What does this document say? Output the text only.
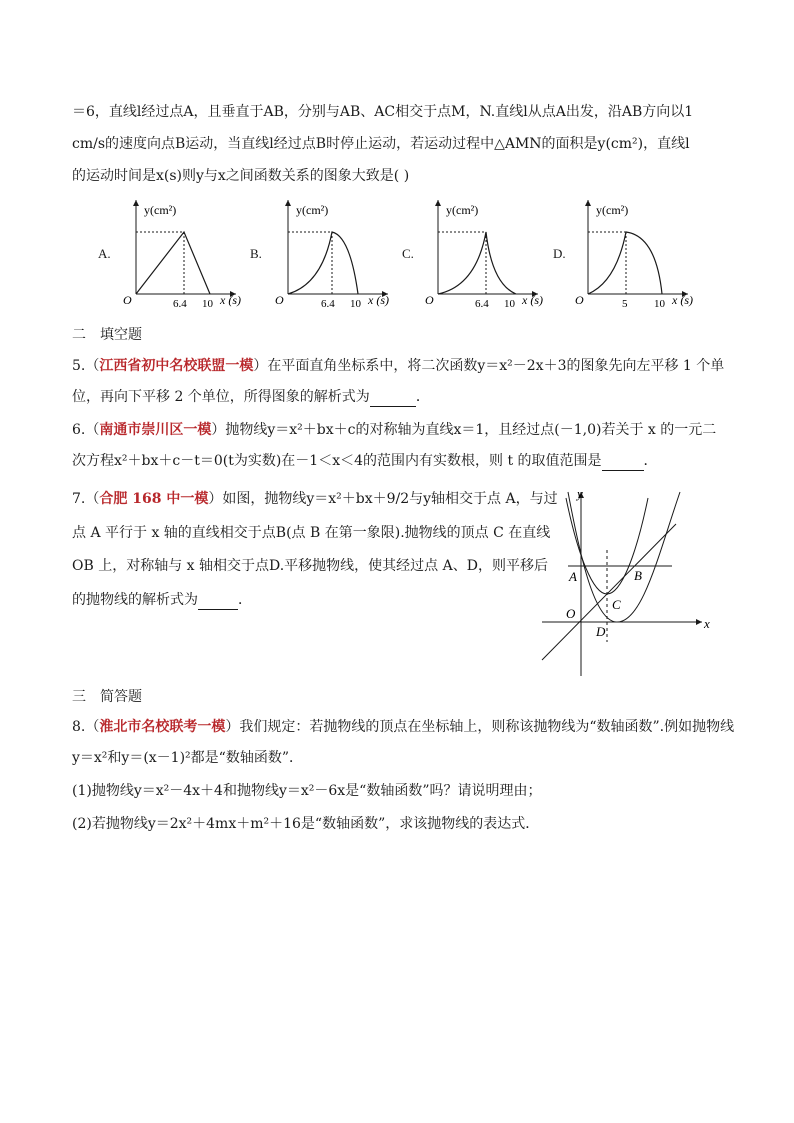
＝6，直线l经过点A，且垂直于AB，分别与AB、AC相交于点M，N.直线l从点A出发，沿AB方向以1
cm/s的速度向点B运动，当直线l经过点B时停止运动，若运动过程中△AMN的面积是y(cm²)，直线l
的运动时间是x(s)则y与x之间函数关系的图象大致是( )
A.	B.	C.	D.
y(cm²)
O	6.4 10 x (s)
y(cm²)
O	6.4 10 x (s)
y(cm²)
O	6.4 10 x (s)
y(cm²)
O	5 10 x (s)
二　填空题
5.（江西省初中名校联盟一模）在平面直角坐标系中，将二次函数y＝x²－2x＋3的图象先向左平移 1 个单
位，再向下平移 2 个单位，所得图象的解析式为	．
6.（南通市崇川区一模）抛物线y＝x²＋bx＋c的对称轴为直线x＝1，且经过点(－1,0)若关于 x 的一元二
次方程x²＋bx＋c－t＝0(t为实数)在－1＜x＜4的范围内有实数根，则 t 的取值范围是	．
7.（合肥 168 中一模）如图，抛物线y＝x²＋bx＋9/2与y轴相交于点 A，与过
点 A 平行于 x 轴的直线相交于点B(点 B 在第一象限).抛物线的顶点 C 在直线
OB 上，对称轴与 x 轴相交于点D.平移抛物线，使其经过点 A、D，则平移后
的抛物线的解析式为	．
y
x
A	B
C
O
D
三　简答题
8.（淮北市名校联考一模）我们规定：若抛物线的顶点在坐标轴上，则称该抛物线为“数轴函数”.例如抛物线
y＝x²和y＝(x－1)²都是“数轴函数”．
(1)抛物线y＝x²－4x＋4和抛物线y＝x²－6x是“数轴函数”吗？请说明理由；
(2)若抛物线y＝2x²＋4mx＋m²＋16是“数轴函数”，求该抛物线的表达式．
